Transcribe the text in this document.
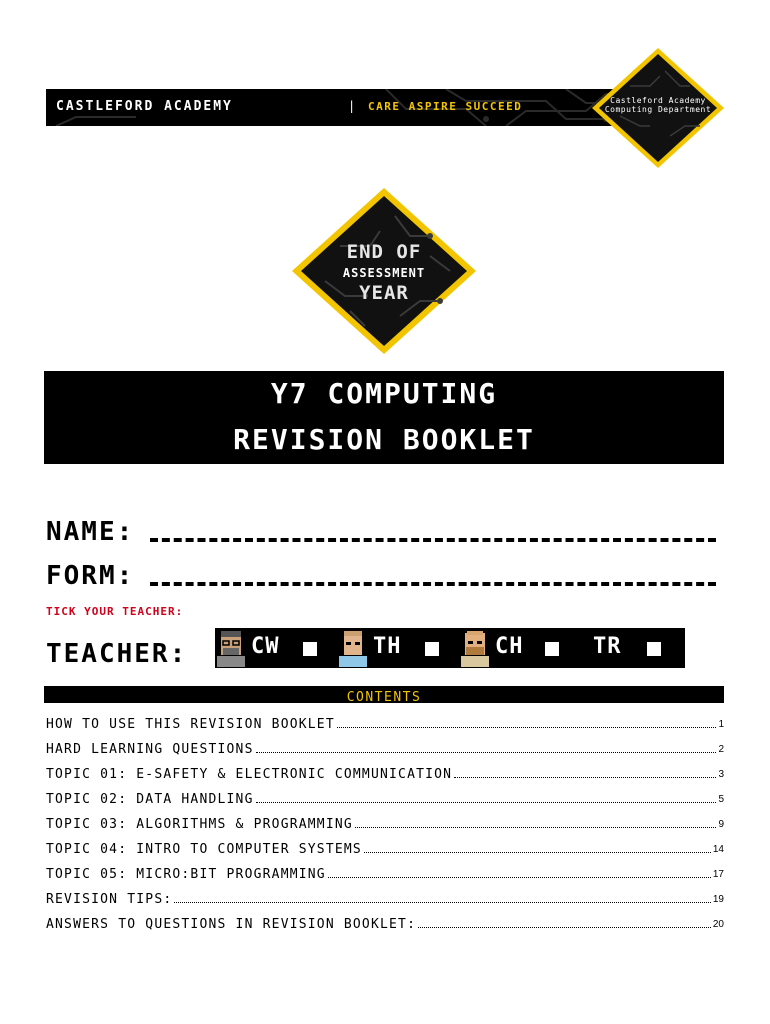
CASTLEFORD ACADEMY	| CARE ASPIRE SUCCEED	Castleford Academy
Computing Department
END OF
ASSESSMENT
YEAR
Y7 COMPUTING
REVISION BOOKLET
NAME:
FORM:
TICK YOUR TEACHER:
TEACHER:	CW	TH	CH	TR
CONTENTS
HOW TO USE THIS REVISION BOOKLET	1
HARD LEARNING QUESTIONS	2
TOPIC 01: E-SAFETY & ELECTRONIC COMMUNICATION	3
TOPIC 02: DATA HANDLING	5
TOPIC 03: ALGORITHMS & PROGRAMMING	9
TOPIC 04: INTRO TO COMPUTER SYSTEMS	14
TOPIC 05: MICRO:BIT PROGRAMMING	17
REVISION TIPS:	19
ANSWERS TO QUESTIONS IN REVISION BOOKLET:	20
